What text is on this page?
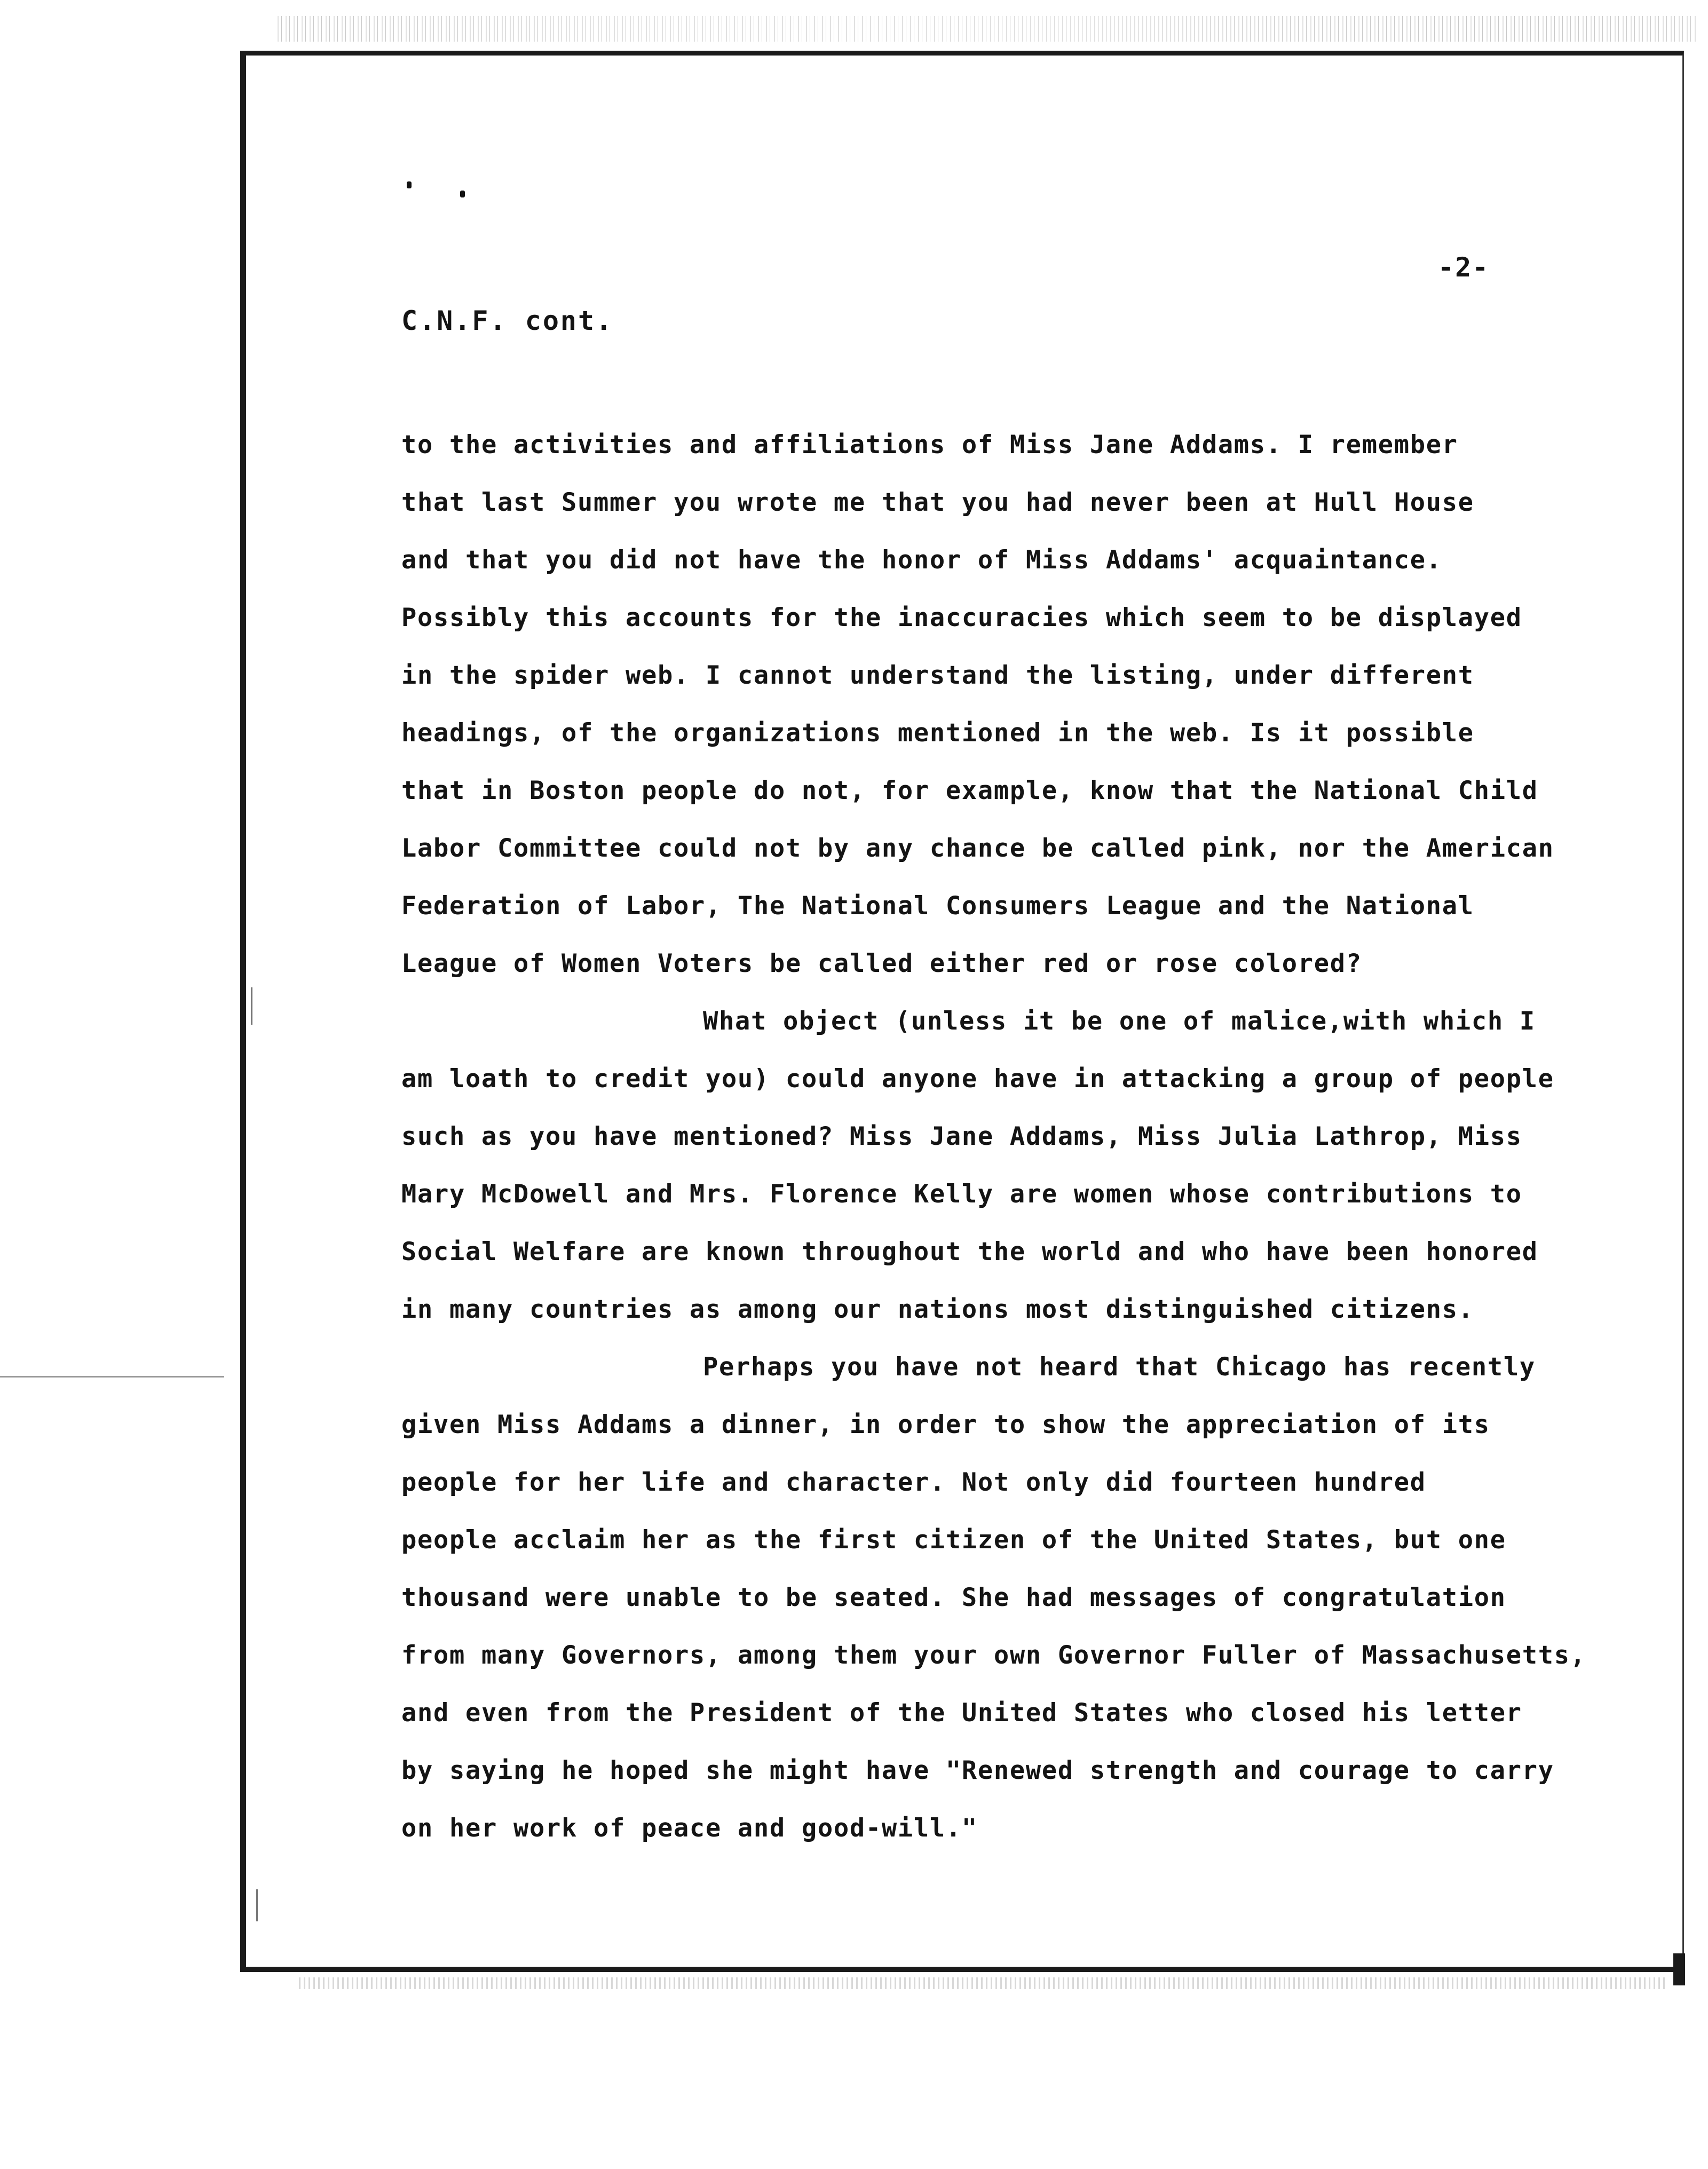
-2-

C.N.F. cont.

to the activities and affiliations of Miss Jane Addams. I remember

that last Summer you wrote me that you had never been at Hull House

and that you did not have the honor of Miss Addams' acquaintance.

Possibly this accounts for the inaccuracies which seem to be displayed

in the spider web. I cannot understand the listing, under different

headings, of the organizations mentioned in the web. Is it possible

that in Boston people do not, for example, know that the National Child

Labor Committee could not by any chance be called pink, nor the American

Federation of Labor, The National Consumers League and the National

League of Women Voters be called either red or rose colored?

What object (unless it be one of malice,with which I

am loath to credit you) could anyone have in attacking a group of people

such as you have mentioned? Miss Jane Addams, Miss Julia Lathrop, Miss

Mary McDowell and Mrs. Florence Kelly are women whose contributions to

Social Welfare are known throughout the world and who have been honored

in many countries as among our nations most distinguished citizens.

Perhaps you have not heard that Chicago has recently

given Miss Addams a dinner, in order to show the appreciation of its

people for her life and character. Not only did fourteen hundred

people acclaim her as the first citizen of the United States, but one

thousand were unable to be seated. She had messages of congratulation

from many Governors, among them your own Governor Fuller of Massachusetts,

and even from the President of the United States who closed his letter

by saying he hoped she might have "Renewed strength and courage to carry

on her work of peace and good-will."
